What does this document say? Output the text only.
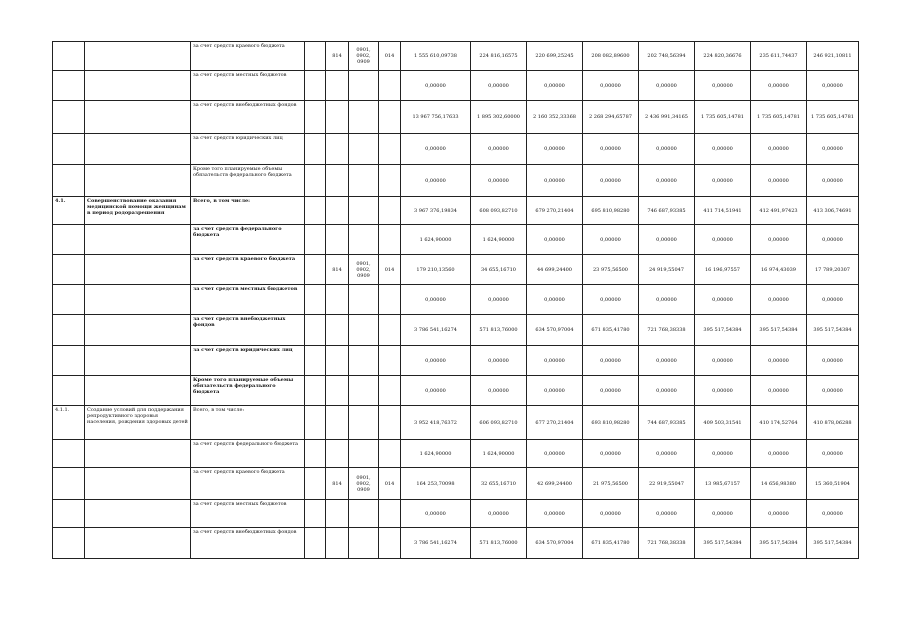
		за счет средств краевого бюджета		814	0901, 0902, 0909	014	1 555 610,09738	224 816,16575	220 699,25245	208 082,89600	202 748,56394	224 820,36676	235 611,74437	246 921,10811
		за счет средств местных бюджетов					0,00000	0,00000	0,00000	0,00000	0,00000	0,00000	0,00000	0,00000
		за счет средств внебюджетных фондов					13 967 756,17633	1 895 302,60000	2 160 352,33368	2 268 294,65787	2 436 991,34165	1 735 605,14781	1 735 605,14781	1 735 605,14781
		за счет средств юридических лиц					0,00000	0,00000	0,00000	0,00000	0,00000	0,00000	0,00000	0,00000
		Кроме того планируемые объемы обязательств федерального бюджета					0,00000	0,00000	0,00000	0,00000	0,00000	0,00000	0,00000	0,00000
4.1.	Совершенствование оказания медицинской помощи женщинам в период родоразрешения	Всего, в том числе:					3 967 376,19834	608 093,82710	679 270,21404	695 810,98280	746 687,93385	411 714,51941	412 491,97423	413 306,74691
		за счет средств федерального бюджета					1 624,90000	1 624,90000	0,00000	0,00000	0,00000	0,00000	0,00000	0,00000
		за счет средств краевого бюджета		814	0901, 0902, 0909	014	179 210,13560	34 655,16710	44 699,24400	23 975,56500	24 919,55047	16 196,97557	16 974,43039	17 789,20307
		за счет средств местных бюджетов					0,00000	0,00000	0,00000	0,00000	0,00000	0,00000	0,00000	0,00000
		за счет средств внебюджетных фондов					3 786 541,16274	571 813,76000	634 570,97004	671 835,41780	721 768,38338	395 517,54384	395 517,54384	395 517,54384
		за счет средств юридических лиц					0,00000	0,00000	0,00000	0,00000	0,00000	0,00000	0,00000	0,00000
		Кроме того планируемые объемы обязательств федерального бюджета					0,00000	0,00000	0,00000	0,00000	0,00000	0,00000	0,00000	0,00000
4.1.1.	Создание условий для поддержания репродуктивного здоровья населения, рождения здоровых детей	Всего, в том числе:					3 952 418,76372	606 093,82710	677 270,21404	693 810,98280	744 687,93385	409 503,31541	410 174,52764	410 878,06288
		за счет средств федерального бюджета					1 624,90000	1 624,90000	0,00000	0,00000	0,00000	0,00000	0,00000	0,00000
		за счет средств краевого бюджета		814	0901, 0902, 0909	014	164 253,70098	32 655,16710	42 699,24400	21 975,56500	22 919,55047	13 985,67157	14 656,98380	15 360,51904
		за счет средств местных бюджетов					0,00000	0,00000	0,00000	0,00000	0,00000	0,00000	0,00000	0,00000
		за счет средств внебюджетных фондов					3 786 541,16274	571 813,76000	634 570,97004	671 835,41780	721 768,38338	395 517,54384	395 517,54384	395 517,54384
